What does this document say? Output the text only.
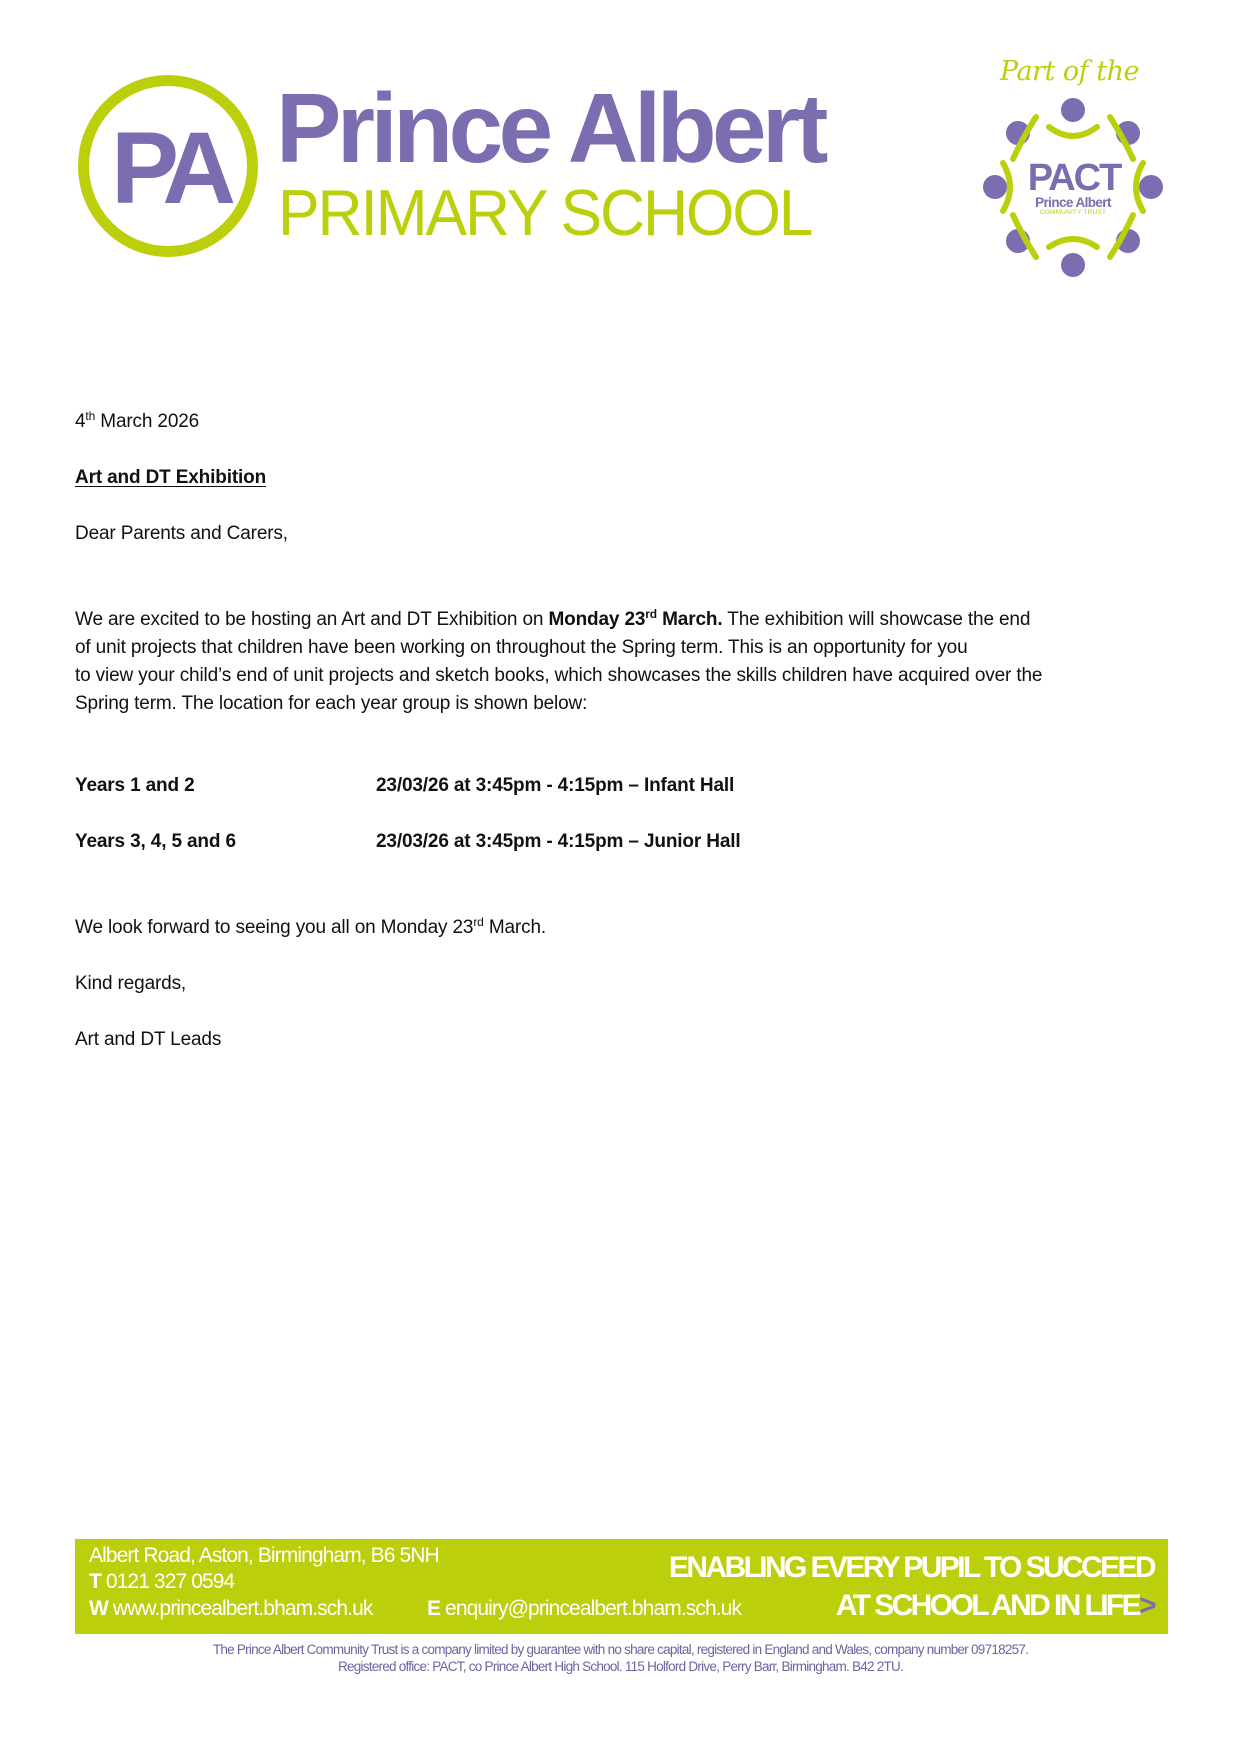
PA Prince Albert
PRIMARY SCHOOL
Part of the
PACT
Prince Albert
COMMUNITY TRUST
4th March 2026
Art and DT Exhibition
Dear Parents and Carers,
We are excited to be hosting an Art and DT Exhibition on Monday 23rd March. The exhibition will showcase the end
of unit projects that children have been working on throughout the Spring term. This is an opportunity for you
to view your child’s end of unit projects and sketch books, which showcases the skills children have acquired over the
Spring term. The location for each year group is shown below:
Years 1 and 2	23/03/26 at 3:45pm - 4:15pm – Infant Hall
Years 3, 4, 5 and 6	23/03/26 at 3:45pm - 4:15pm – Junior Hall
We look forward to seeing you all on Monday 23rd March.
Kind regards,
Art and DT Leads
Albert Road, Aston, Birmingham, B6 5NH
T 0121 327 0594
W www.princealbert.bham.sch.uk	E enquiry@princealbert.bham.sch.uk
ENABLING EVERY PUPIL TO SUCCEED
AT SCHOOL AND IN LIFE>
The Prince Albert Community Trust is a company limited by guarantee with no share capital, registered in England and Wales, company number 09718257.
Registered office: PACT, co Prince Albert High School. 115 Holford Drive, Perry Barr, Birmingham. B42 2TU.
